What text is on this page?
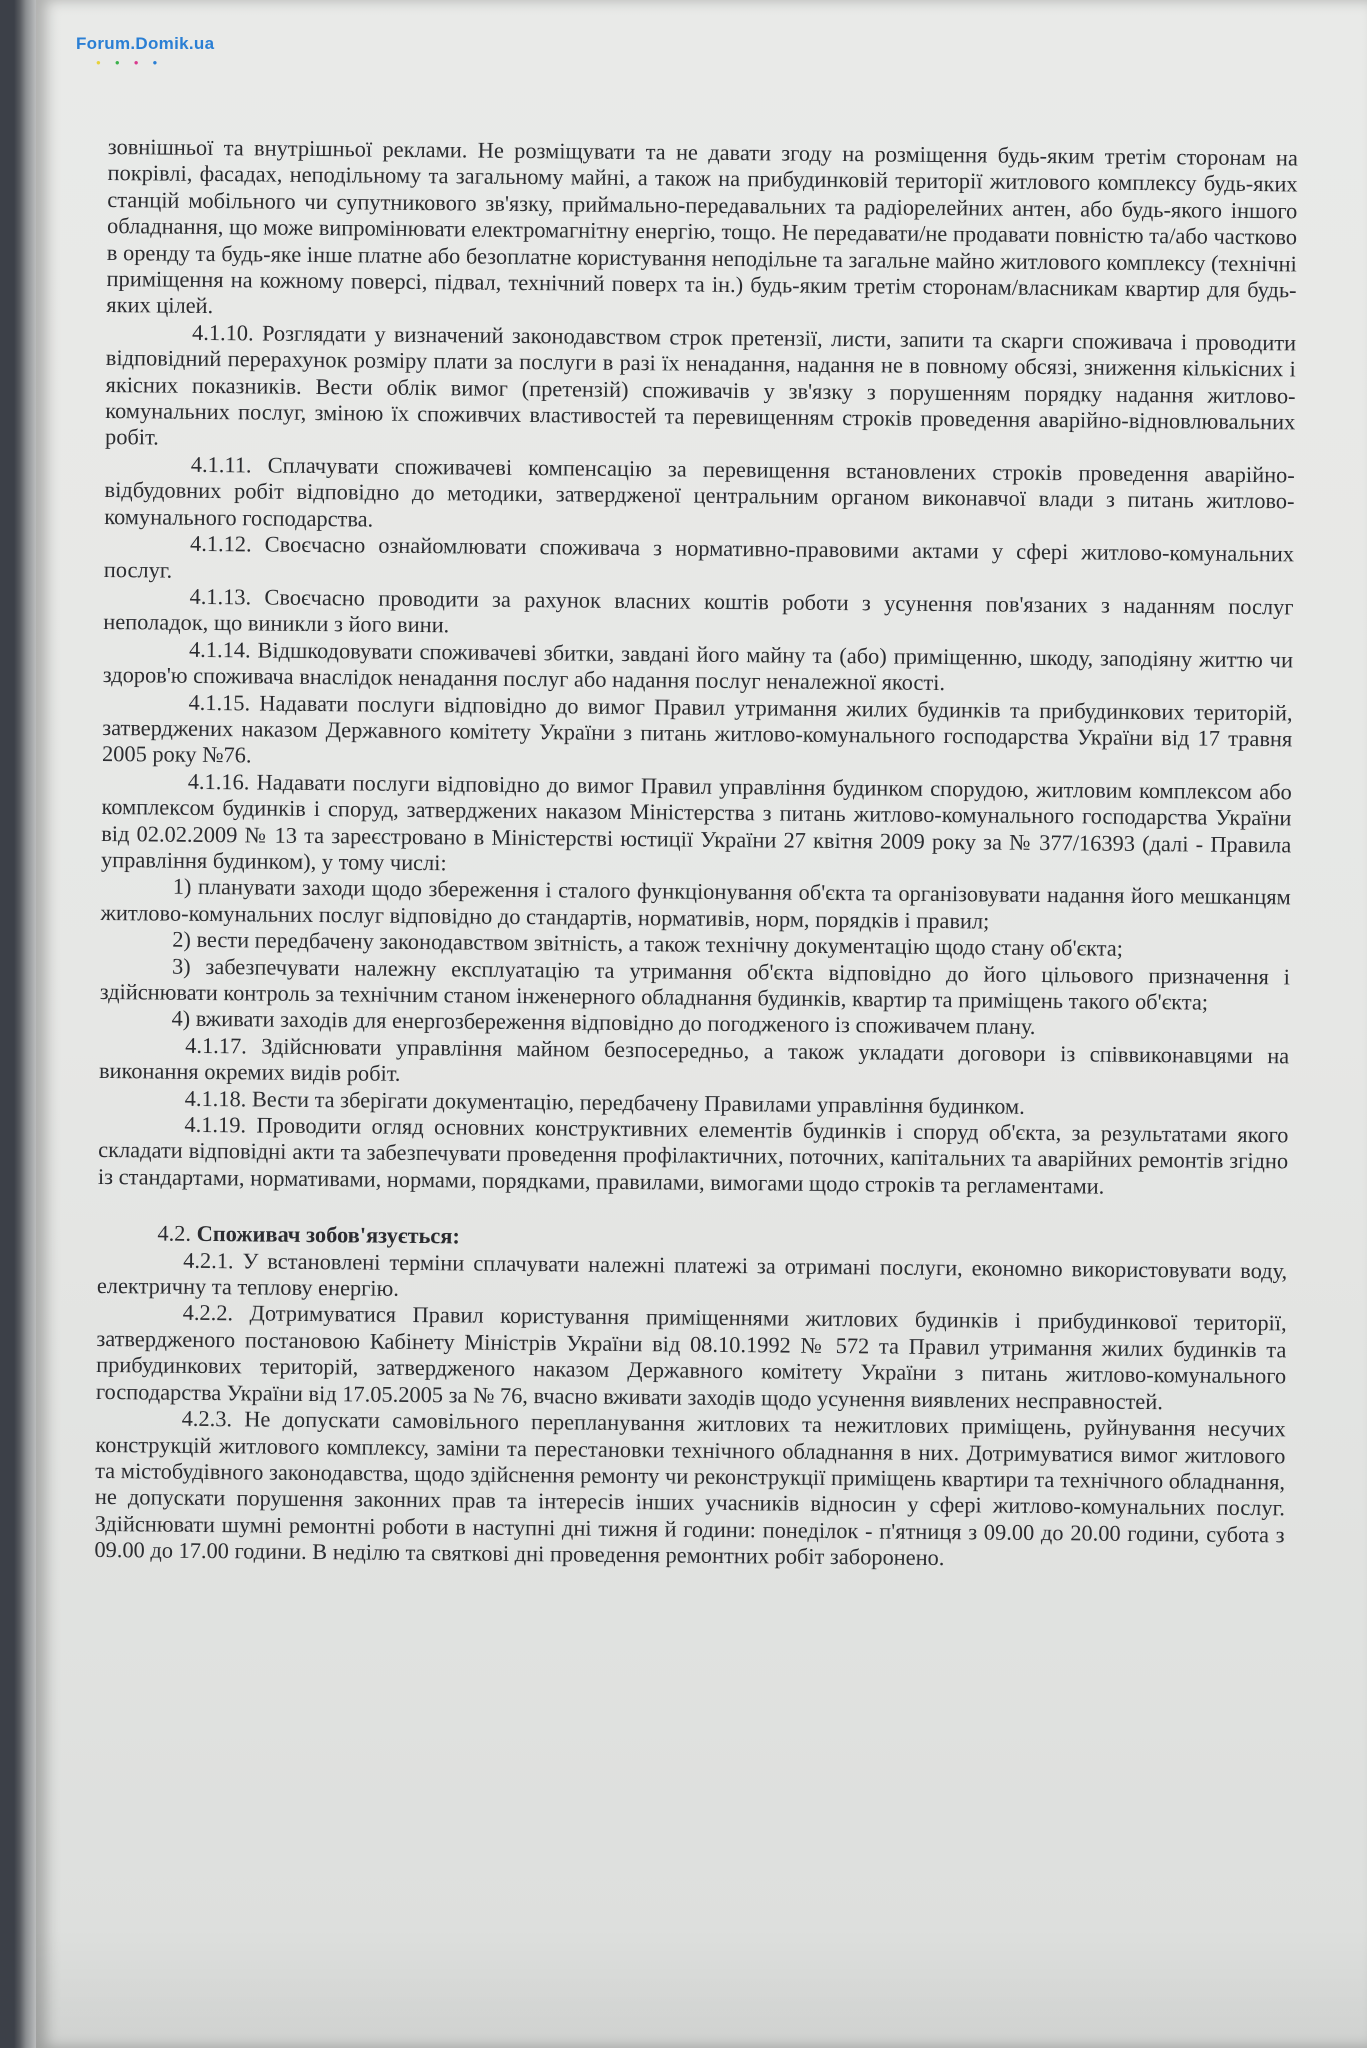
Forum.Domik.ua
●●●●

зовнішньої та внутрішньої реклами. Не розміщувати та не давати згоду на розміщення будь-яким третім сторонам на покрівлі, фасадах, неподільному та загальному майні, а також на прибудинковій території житлового комплексу будь-яких станцій мобільного чи супутникового зв'язку, приймально-передавальних та радіорелейних антен, або будь-якого іншого обладнання, що може випромінювати електромагнітну енергію, тощо. Не передавати/не продавати повністю та/або частково в оренду та будь-яке інше платне або безоплатне користування неподільне та загальне майно житлового комплексу (технічні приміщення на кожному поверсі, підвал, технічний поверх та ін.) будь-яким третім сторонам/власникам квартир для будь-яких цілей.

4.1.10. Розглядати у визначений законодавством строк претензії, листи, запити та скарги споживача і проводити відповідний перерахунок розміру плати за послуги в разі їх ненадання, надання не в повному обсязі, зниження кількісних і якісних показників. Вести облік вимог (претензій) споживачів у зв'язку з порушенням порядку надання житлово-комунальних послуг, зміною їх споживчих властивостей та перевищенням строків проведення аварійно-відновлювальних робіт.

4.1.11. Сплачувати споживачеві компенсацію за перевищення встановлених строків проведення аварійно-відбудовних робіт відповідно до методики, затвердженої центральним органом виконавчої влади з питань житлово-комунального господарства.

4.1.12. Своєчасно ознайомлювати споживача з нормативно-правовими актами у сфері житлово-комунальних послуг.

4.1.13. Своєчасно проводити за рахунок власних коштів роботи з усунення пов'язаних з наданням послуг неполадок, що виникли з його вини.

4.1.14. Відшкодовувати споживачеві збитки, завдані його майну та (або) приміщенню, шкоду, заподіяну життю чи здоров'ю споживача внаслідок ненадання послуг або надання послуг неналежної якості.

4.1.15. Надавати послуги відповідно до вимог Правил утримання жилих будинків та прибудинкових територій, затверджених наказом Державного комітету України з питань житлово-комунального господарства України від 17 травня 2005 року №76.

4.1.16. Надавати послуги відповідно до вимог Правил управління будинком спорудою, житловим комплексом або комплексом будинків і споруд, затверджених наказом Міністерства з питань житлово-комунального господарства України від 02.02.2009 № 13 та зареєстровано в Міністерстві юстиції України 27 квітня 2009 року за № 377/16393 (далі - Правила управління будинком), у тому числі:

1) планувати заходи щодо збереження і сталого функціонування об'єкта та організовувати надання його мешканцям житлово-комунальних послуг відповідно до стандартів, нормативів, норм, порядків і правил;

2) вести передбачену законодавством звітність, а також технічну документацію щодо стану об'єкта;

3) забезпечувати належну експлуатацію та утримання об'єкта відповідно до його цільового призначення і здійснювати контроль за технічним станом інженерного обладнання будинків, квартир та приміщень такого об'єкта;

4) вживати заходів для енергозбереження відповідно до погодженого із споживачем плану.

4.1.17. Здійснювати управління майном безпосередньо, а також укладати договори із співвиконавцями на виконання окремих видів робіт.

4.1.18. Вести та зберігати документацію, передбачену Правилами управління будинком.

4.1.19. Проводити огляд основних конструктивних елементів будинків і споруд об'єкта, за результатами якого складати відповідні акти та забезпечувати проведення профілактичних, поточних, капітальних та аварійних ремонтів згідно із стандартами, нормативами, нормами, порядками, правилами, вимогами щодо строків та регламентами.

4.2. Споживач зобов'язується:

4.2.1. У встановлені терміни сплачувати належні платежі за отримані послуги, економно використовувати воду, електричну та теплову енергію.

4.2.2. Дотримуватися Правил користування приміщеннями житлових будинків і прибудинкової території, затвердженого постановою Кабінету Міністрів України від 08.10.1992 № 572 та Правил утримання жилих будинків та прибудинкових територій, затвердженого наказом Державного комітету України з питань житлово-комунального господарства України від 17.05.2005 за № 76, вчасно вживати заходів щодо усунення виявлених несправностей.

4.2.3. Не допускати самовільного перепланування житлових та нежитлових приміщень, руйнування несучих конструкцій житлового комплексу, заміни та перестановки технічного обладнання в них. Дотримуватися вимог житлового та містобудівного законодавства, щодо здійснення ремонту чи реконструкції приміщень квартири та технічного обладнання, не допускати порушення законних прав та інтересів інших учасників відносин у сфері житлово-комунальних послуг. Здійснювати шумні ремонтні роботи в наступні дні тижня й години: понеділок - п'ятниця з 09.00 до 20.00 години, субота з 09.00 до 17.00 години. В неділю та святкові дні проведення ремонтних робіт заборонено.
